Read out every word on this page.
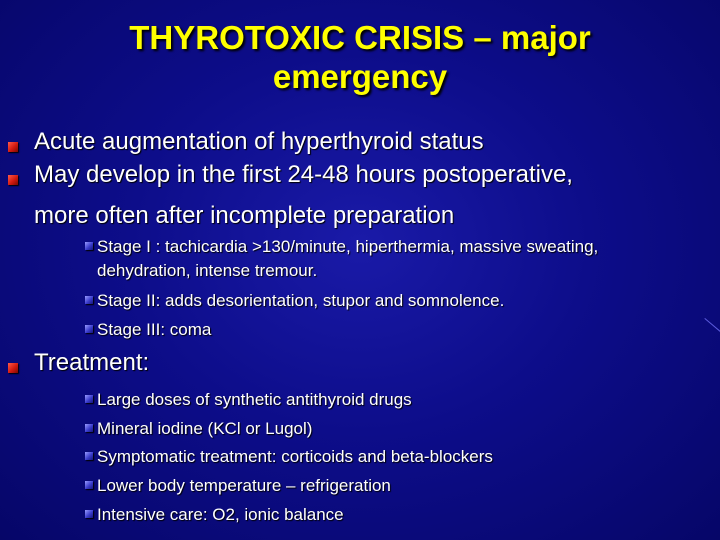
THYROTOXIC CRISIS – major
emergency
Acute augmentation of hyperthyroid status
May develop in the first 24-48 hours postoperative,
more often after incomplete preparation
Stage I : tachicardia >130/minute, hiperthermia, massive sweating,
dehydration, intense tremour.
Stage II: adds desorientation, stupor and somnolence.
Stage III: coma
Treatment:
Large doses of synthetic antithyroid drugs
Mineral iodine (KCl or Lugol)
Symptomatic treatment: corticoids and beta-blockers
Lower body temperature – refrigeration
Intensive care: O2, ionic balance
